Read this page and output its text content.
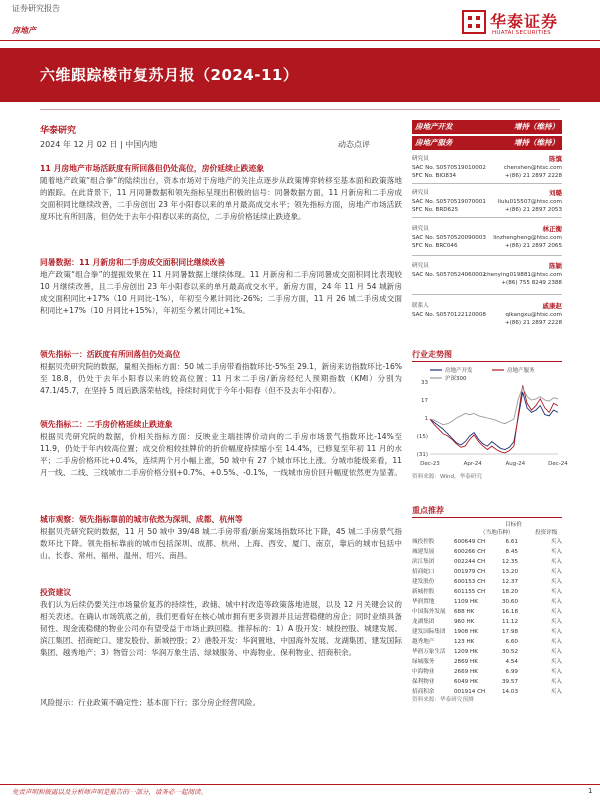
证券研究报告
房地产	华泰证券
HUATAI SECURITIES
六维跟踪楼市复苏月报（2024-11）
华泰研究
2024 年 12 月 02 日 | 中国内地	动态点评
11 月房地产市场活跃度有所回落但仍处高位，房价延续止跌迹象
随着地产政策“组合拳”的陆续出台，资本市场对于房地产的关注点逐步从政策博弈转移至基本面和政策落地的跟踪。在此背景下，11 月同暑数据和领先指标呈现出积极的信号：同暑数据方面，11 月新房和二手房成交面积同比继续改善，二手房创出 23 年小阳春以来的单月最高成交水平；领先指标方面，房地产市场活跃度环比有所回落，但仍处于去年小阳春以来的高位，二手房价格延续止跌迹象。
同暑数据：11 月新房和二手房成交面积同比继续改善
地产政策“组合拳”的提振效果在 11 月同暑数据上继续体现。11 月新房和二手房同暑成交面积同比表现较 10 月继续改善，且二手房创出 23 年小阳春以来的单月最高成交水平。新房方面，24 年 11 月 54 城新房成交面积同比+17%（10 月同比-1%），年初至今累计同比-26%；二手房方面，11 月 26 城二手房成交面积同比+17%（10 月同比+15%），年初至今累计同比+1%。
领先指标一：活跃度有所回落但仍处高位
根据贝壳研究院的数据，量相关指标方面：50 城二手房带看指数环比-5%至 29.1，新房来访指数环比-16%至 18.8，仍处于去年小阳春以来的较高位置；11 月末二手房/新房经纪人预期指数（KMI）分别为 47.1/45.7，在坚持 5 周后跌落荣枯线，持续时间优于今年小阳春（但不及去年小阳春）。
领先指标二：二手房价格延续止跌迹象
根据贝壳研究院的数据，价相关指标方面：反映业主端挂牌价动向的二手房市场景气指数环比-14%至 11.9，仍处于年内较高位置；成交价相较挂牌价的折价幅度持续缩小至 14.4%，已修复至年初 11 月的水平；二手房价格环比+0.4%，连续两个月小幅上涨，50 城中有 27 个城市环比上涨。分城市能级来看，11 月一线、二线、三线城市二手房价格分别+0.7%、+0.5%、-0.1%，一线城市房价回升幅度依然更为显著。
城市观察：领先指标靠前的城市依然为深圳、成都、杭州等
根据贝壳研究院的数据，11 月 50 城中 39/48 城二手房带看/新房案场指数环比下降，45 城二手房景气指数环比下降。领先指标靠前的城市包括深圳、成都、杭州、上海、西安、厦门、南京，靠后的城市包括中山、长春、常州、福州、温州、绍兴、南昌。
投资建议
我们认为后续仍要关注市场量价复苏的持续性，政储、城中村改造等政策落地进展，以及 12 月关键会议的相关表述。在确认市场筑底之前，我们更看好在核心城市拥有更多资源并且运营稳健的房企；同时业绩具备韧性、现金流稳健的物业公司亦有望受益于市场止跌回稳。推荐标的：1）A 股开发：城投控股、城建发展、滨江集团、招商蛇口、建发股份、新城控股；2）港股开发：华润置地、中国海外发展、龙湖集团、建发国际集团、越秀地产；3）物管公司：华润万象生活、绿城服务、中海物业、保利物业、招商积余。
风险提示：行业政策不确定性；基本面下行；部分房企经营风险。
房地产开发	增持（维持）
房地产服务	增持（维持）
研究员	陈慎
SAC No. S0570519010002	chenshen@htsc.com
SFC No. BIO834	+(86) 21 2897 2228
研究员	刘璐
SAC No. S0570519070001 liulu015507@htsc.com
SFC No. BRD625	+(86) 21 2897 2053
研究员	林正衡
SAC No. S0570520090003 linzhengheng@htsc.com
SFC No. BRC046	+(86) 21 2897 2065
研究员	陈颖
SAC No. S0570524060002
chenying019881@htsc.com
+(86) 755 8249 2388
联系人	戚康赵
SAC No. S0570122120008	qikangxu@htsc.com
+(86) 21 2897 2228
行业走势图
房地产开发	房地产服务
沪深300
33
17
1
(15)
(31)
Dec-23	Apr-24	Aug-24	Dec-24
资料来源：Wind，华泰研究
重点推荐
目标价
（当地币种）	投资评级
城投控股	600649 CH	6.61	买入
城建发展	600266 CH	8.45	买入
滨江集团	002244 CH	12.35	买入
招商蛇口	001979 CH	13.20	买入
建发股份	600153 CH	12.37	买入
新城控股	601155 CH	18.20	买入
华润置地	1109 HK	30.60	买入
中国海外发展 688 HK	16.18	买入
龙湖集团	960 HK	11.12	买入
建发国际集团 1908 HK	17.98	买入
越秀地产	123 HK	6.60	买入
华润万象生活 1209 HK	30.52	买入
绿城服务	2869 HK	4.54	买入
中海物业	2669 HK	6.99	买入
保利物业	6049 HK	39.57	买入
招商积余	001914 CH	14.03	买入
资料来源：华泰研究预测
免责声明和披露以及分析师声明是报告的一部分，请务必一起阅读。	1
